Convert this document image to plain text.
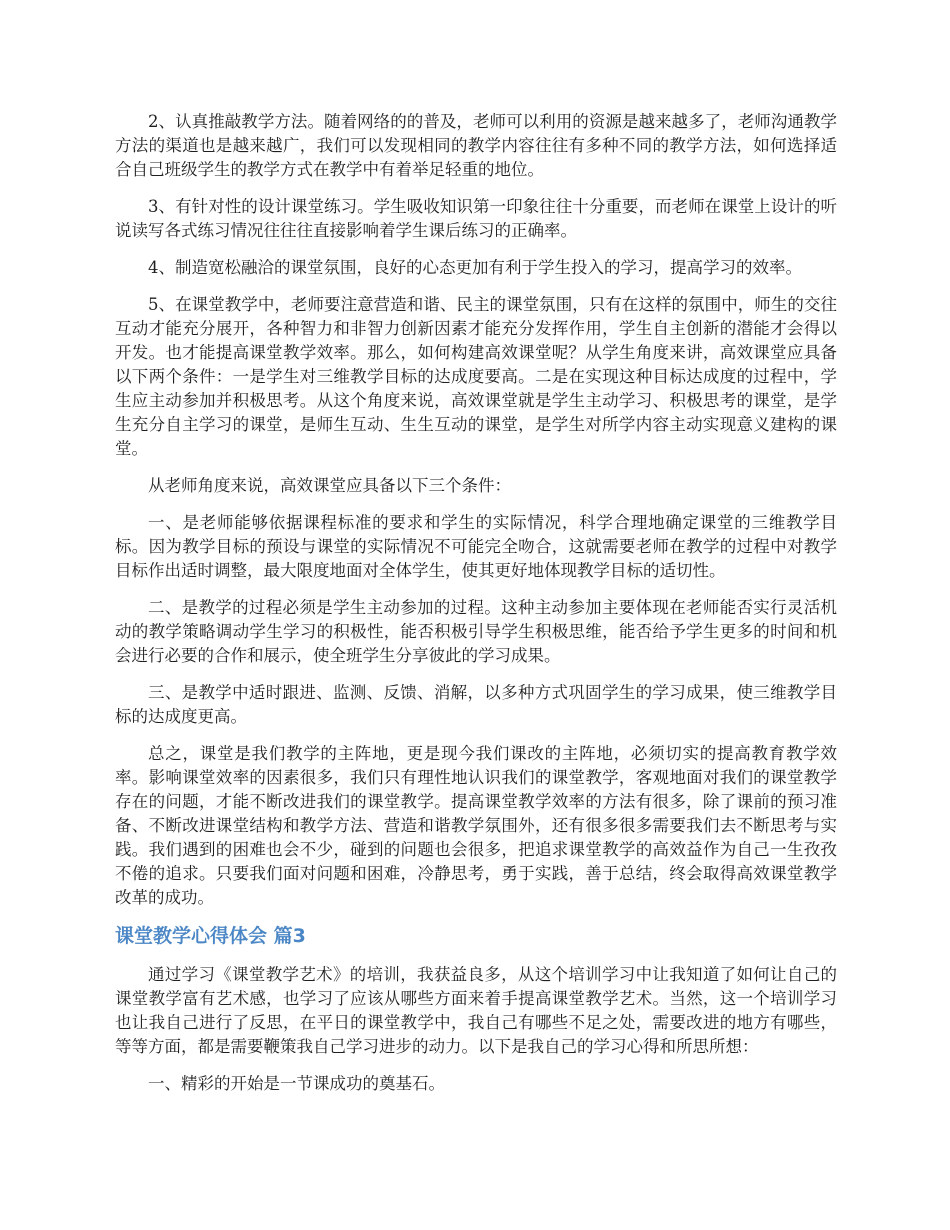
2、认真推敲教学方法。随着网络的的普及，老师可以利用的资源是越来越多了，老师沟通教学方法的渠道也是越来越广，我们可以发现相同的教学内容往往有多种不同的教学方法，如何选择适合自己班级学生的教学方式在教学中有着举足轻重的地位。

3、有针对性的设计课堂练习。学生吸收知识第一印象往往十分重要，而老师在课堂上设计的听说读写各式练习情况往往往直接影响着学生课后练习的正确率。

4、制造宽松融洽的课堂氛围，良好的心态更加有利于学生投入的学习，提高学习的效率。

5、在课堂教学中，老师要注意营造和谐、民主的课堂氛围，只有在这样的氛围中，师生的交往互动才能充分展开，各种智力和非智力创新因素才能充分发挥作用，学生自主创新的潜能才会得以开发。也才能提高课堂教学效率。那么，如何构建高效课堂呢？从学生角度来讲，高效课堂应具备以下两个条件：一是学生对三维教学目标的达成度要高。二是在实现这种目标达成度的过程中，学生应主动参加并积极思考。从这个角度来说，高效课堂就是学生主动学习、积极思考的课堂，是学生充分自主学习的课堂，是师生互动、生生互动的课堂，是学生对所学内容主动实现意义建构的课堂。

从老师角度来说，高效课堂应具备以下三个条件：

一、是老师能够依据课程标准的要求和学生的实际情况，科学合理地确定课堂的三维教学目标。因为教学目标的预设与课堂的实际情况不可能完全吻合，这就需要老师在教学的过程中对教学目标作出适时调整，最大限度地面对全体学生，使其更好地体现教学目标的适切性。

二、是教学的过程必须是学生主动参加的过程。这种主动参加主要体现在老师能否实行灵活机动的教学策略调动学生学习的积极性，能否积极引导学生积极思维，能否给予学生更多的时间和机会进行必要的合作和展示，使全班学生分享彼此的学习成果。

三、是教学中适时跟进、监测、反馈、消解，以多种方式巩固学生的学习成果，使三维教学目标的达成度更高。

总之，课堂是我们教学的主阵地，更是现今我们课改的主阵地，必须切实的提高教育教学效率。影响课堂效率的因素很多，我们只有理性地认识我们的课堂教学，客观地面对我们的课堂教学存在的问题，才能不断改进我们的课堂教学。提高课堂教学效率的方法有很多，除了课前的预习准备、不断改进课堂结构和教学方法、营造和谐教学氛围外，还有很多很多需要我们去不断思考与实践。我们遇到的困难也会不少，碰到的问题也会很多，把追求课堂教学的高效益作为自己一生孜孜不倦的追求。只要我们面对问题和困难，冷静思考，勇于实践，善于总结，终会取得高效课堂教学改革的成功。

课堂教学心得体会 篇3

通过学习《课堂教学艺术》的培训，我获益良多，从这个培训学习中让我知道了如何让自己的课堂教学富有艺术感，也学习了应该从哪些方面来着手提高课堂教学艺术。当然，这一个培训学习也让我自己进行了反思，在平日的课堂教学中，我自己有哪些不足之处，需要改进的地方有哪些，等等方面，都是需要鞭策我自己学习进步的动力。以下是我自己的学习心得和所思所想：

一、精彩的开始是一节课成功的奠基石。
